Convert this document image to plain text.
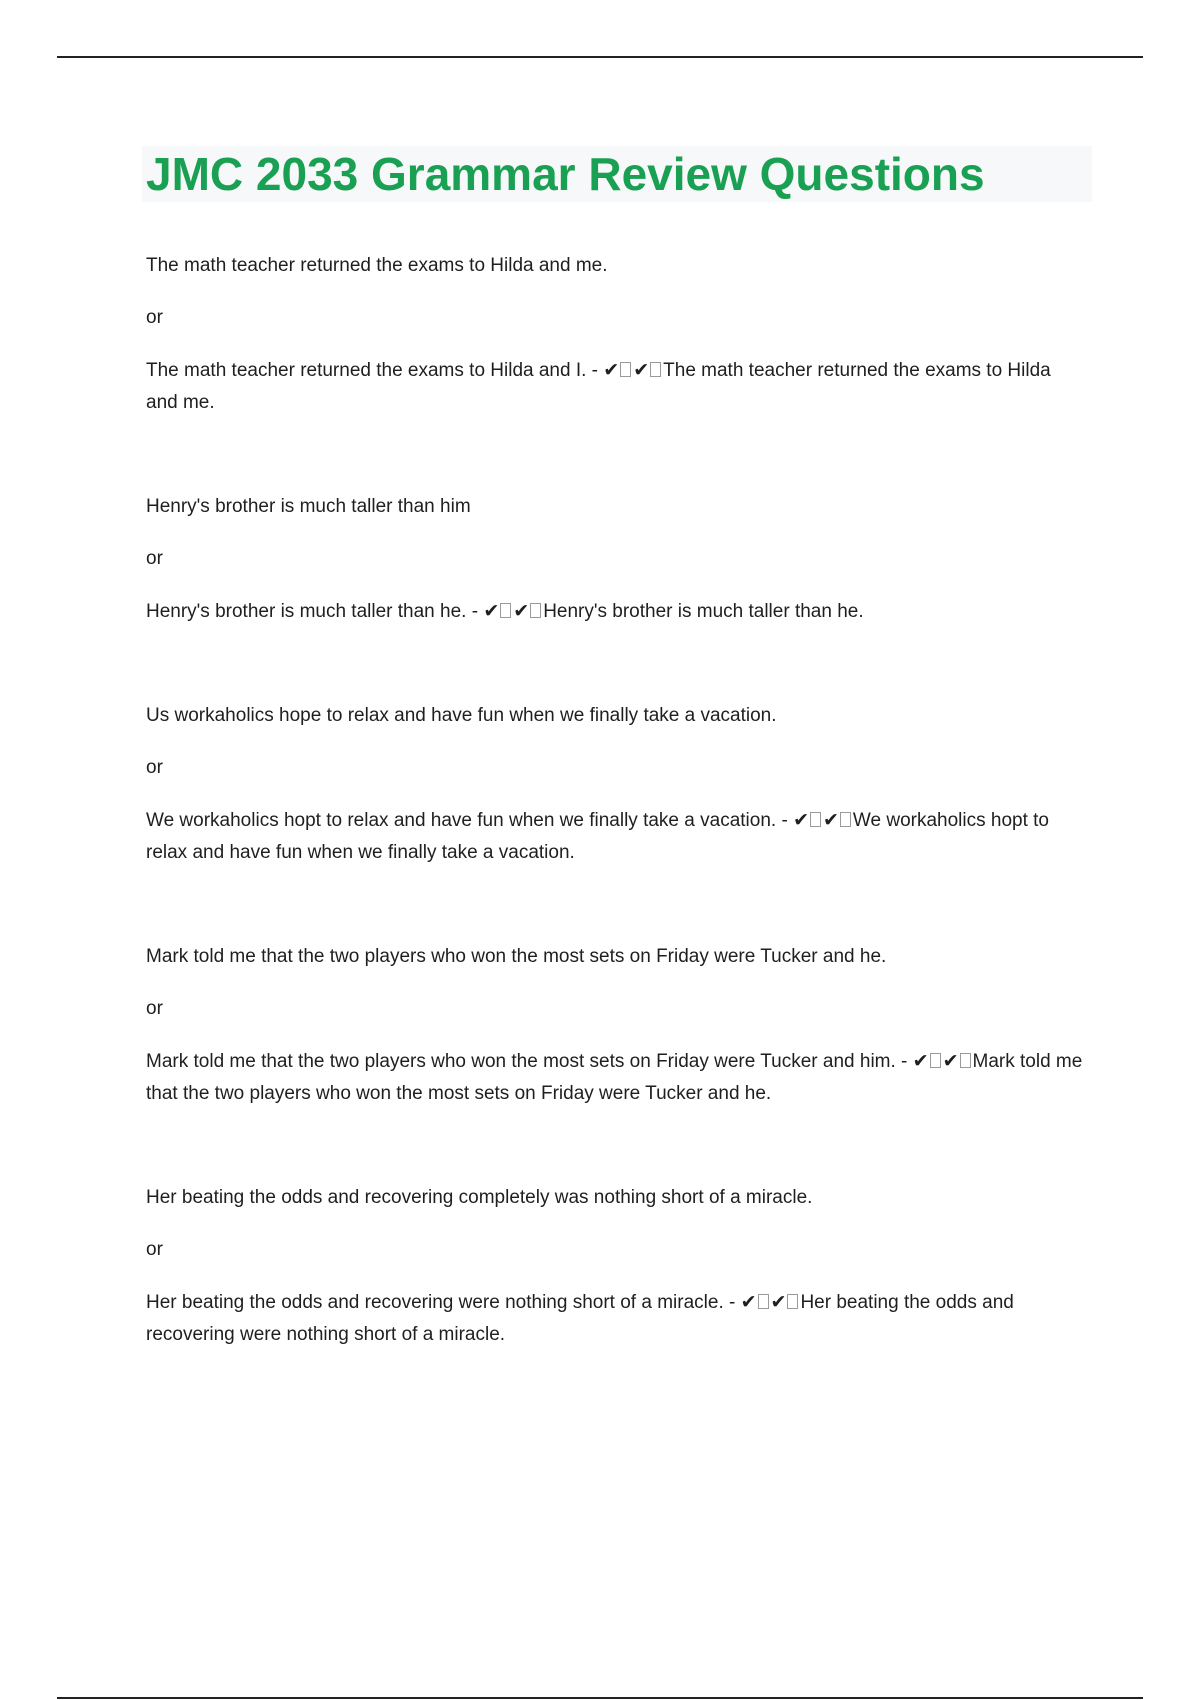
JMC 2033 Grammar Review Questions

The math teacher returned the exams to Hilda and me.

or

The math teacher returned the exams to Hilda and I. - ✔ ✔ The math teacher returned the exams to Hilda and me.

Henry's brother is much taller than him

or

Henry's brother is much taller than he. - ✔ ✔ Henry's brother is much taller than he.

Us workaholics hope to relax and have fun when we finally take a vacation.

or

We workaholics hopt to relax and have fun when we finally take a vacation. - ✔ ✔ We workaholics hopt to relax and have fun when we finally take a vacation.

Mark told me that the two players who won the most sets on Friday were Tucker and he.

or

Mark told me that the two players who won the most sets on Friday were Tucker and him. - ✔ ✔ Mark told me that the two players who won the most sets on Friday were Tucker and he.

Her beating the odds and recovering completely was nothing short of a miracle.

or

Her beating the odds and recovering were nothing short of a miracle. - ✔ ✔ Her beating the odds and recovering were nothing short of a miracle.
